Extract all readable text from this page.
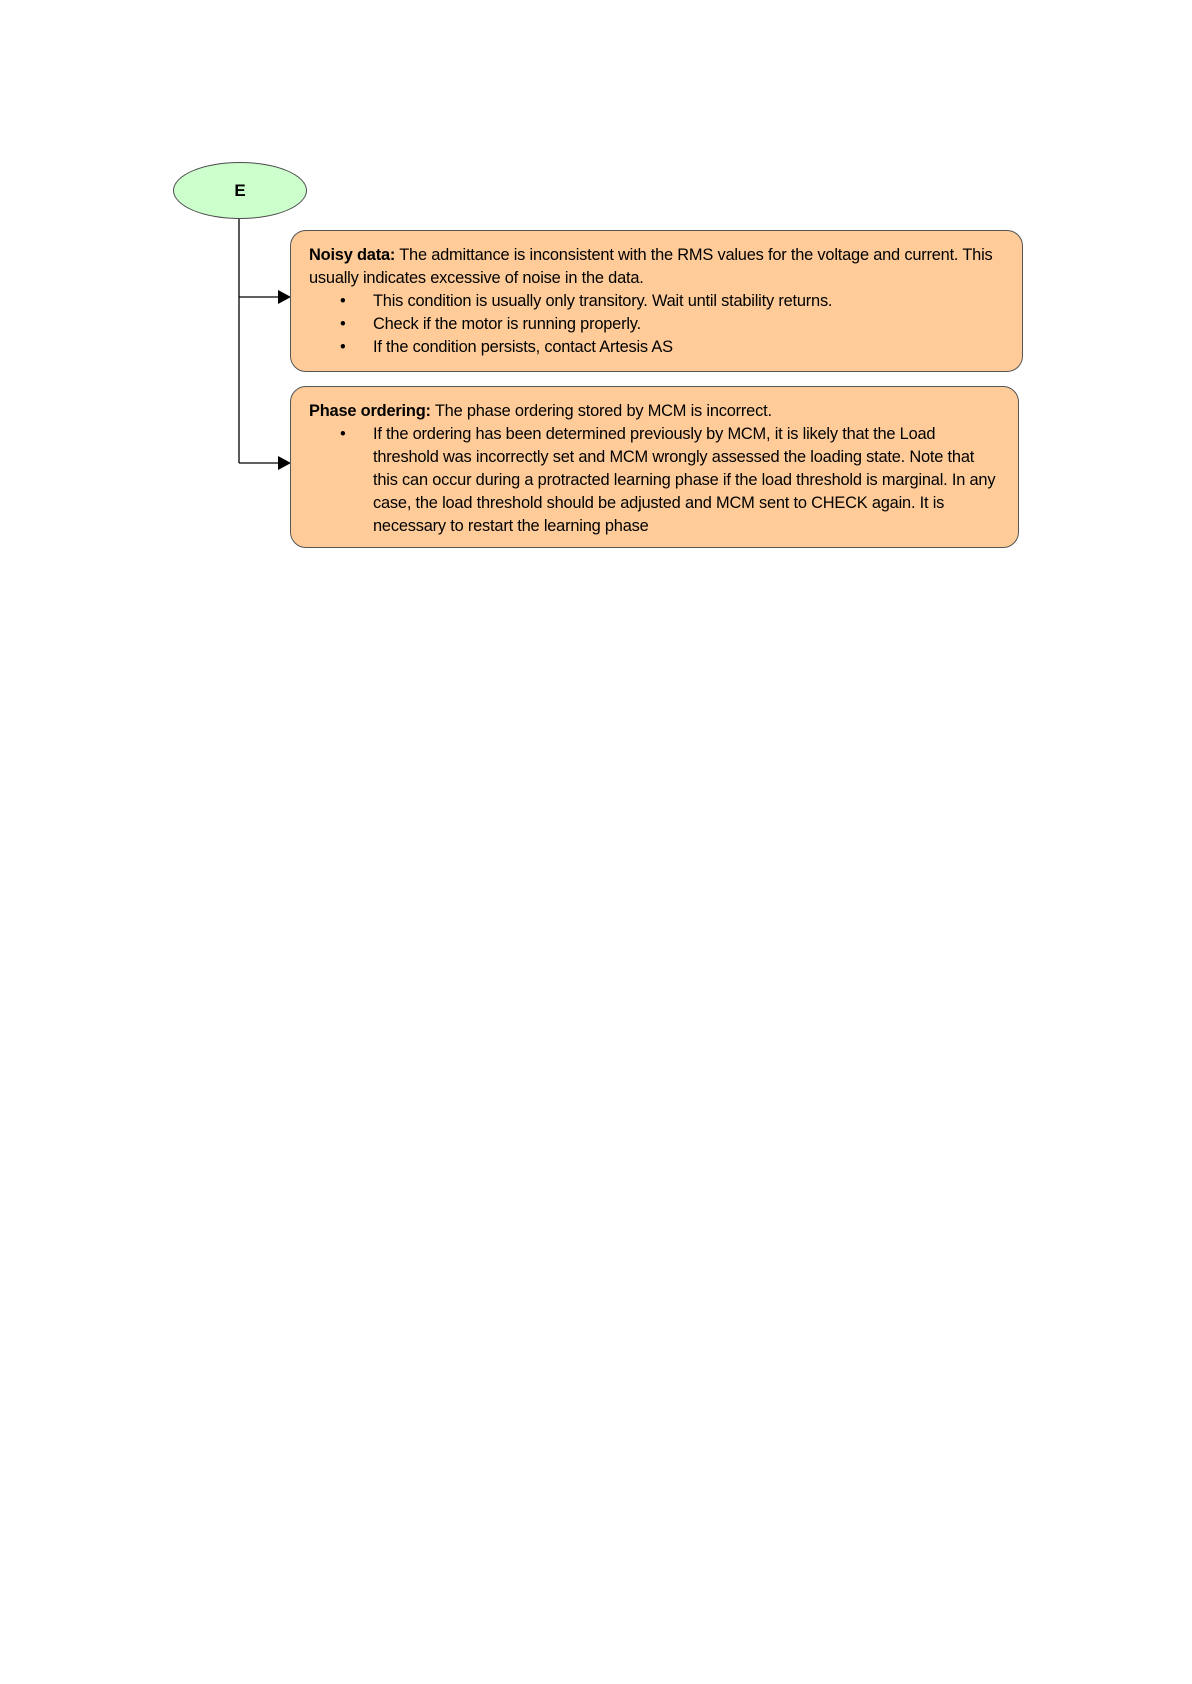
E

Noisy data: The admittance is inconsistent with the RMS values for the voltage and current. This usually indicates excessive of noise in the data.

• This condition is usually only transitory. Wait until stability returns.
• Check if the motor is running properly.
• If the condition persists, contact Artesis AS

Phase ordering: The phase ordering stored by MCM is incorrect.

• If the ordering has been determined previously by MCM, it is likely that the Load threshold was incorrectly set and MCM wrongly assessed the loading state. Note that this can occur during a protracted learning phase if the load threshold is marginal. In any case, the load threshold should be adjusted and MCM sent to CHECK again. It is necessary to restart the learning phase
